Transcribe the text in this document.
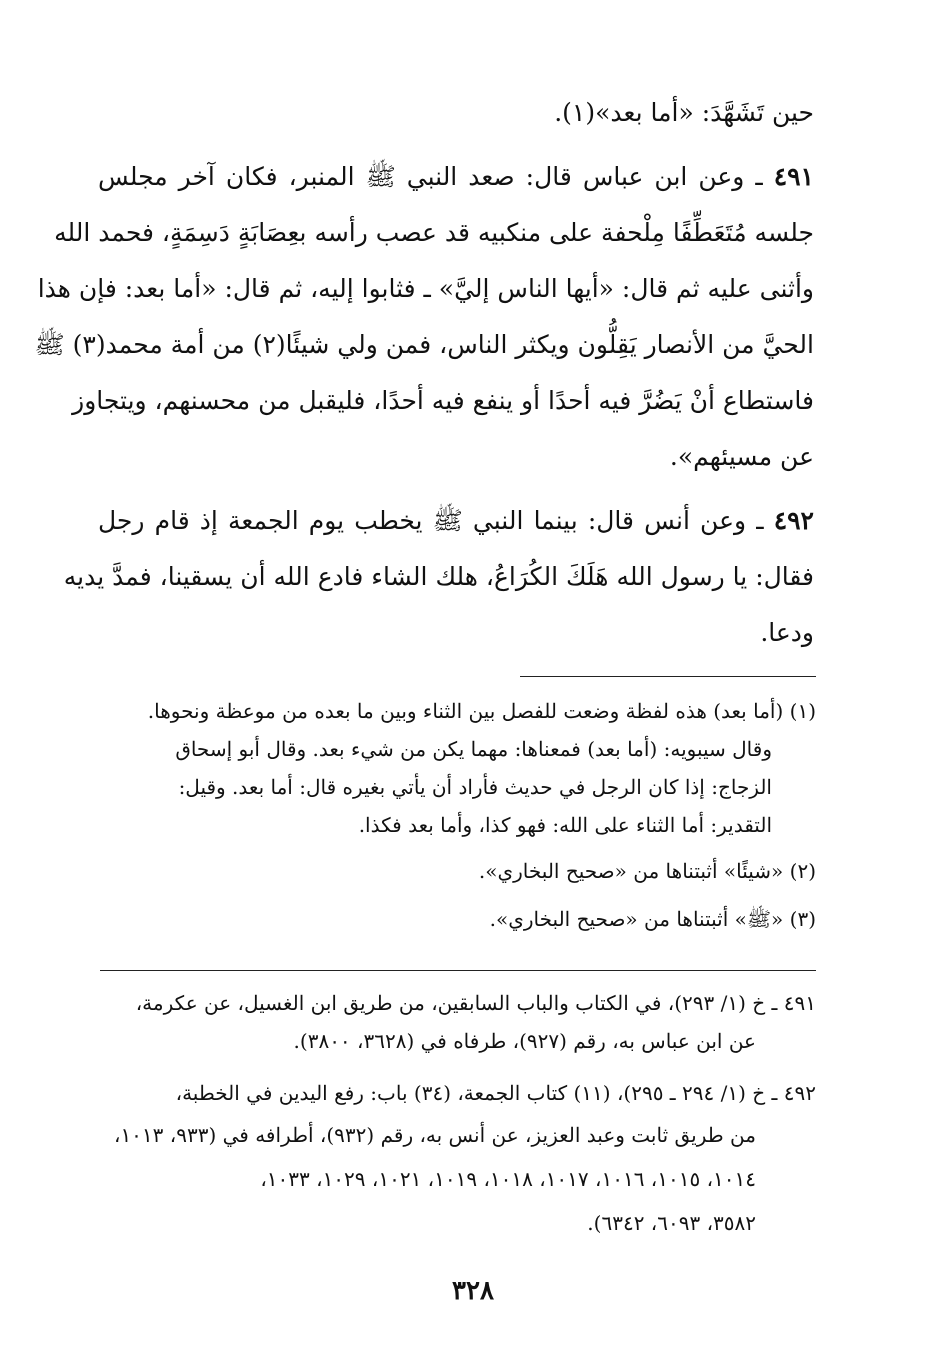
حين تَشَهَّدَ: «أما بعد»(١).
٤٩١ ـ وعن ابن عباس قال: صعد النبي ﷺ المنبر، فكان آخر مجلس
جلسه مُتَعَطِّفًا مِلْحفة على منكبيه قد عصب رأسه بعِصَابَةٍ دَسِمَةٍ، فحمد الله
وأثنى عليه ثم قال: «أيها الناس إليَّ» ـ فثابوا إليه، ثم قال: «أما بعد: فإن هذا
الحيَّ من الأنصار يَقِلُّون ويكثر الناس، فمن ولي شيئًا(٢) من أمة محمد(٣) ﷺ
فاستطاع أنْ يَضُرَّ فيه أحدًا أو ينفع فيه أحدًا، فليقبل من محسنهم، ويتجاوز
عن مسيئهم».
٤٩٢ ـ وعن أنس قال: بينما النبي ﷺ يخطب يوم الجمعة إذ قام رجل
فقال: يا رسول الله هَلَكَ الكُرَاعُ، هلك الشاء فادع الله أن يسقينا، فمدَّ يديه
ودعا.
(١) (أما بعد) هذه لفظة وضعت للفصل بين الثناء وبين ما بعده من موعظة ونحوها.
وقال سيبويه: (أما بعد) فمعناها: مهما يكن من شيء بعد. وقال أبو إسحاق
الزجاج: إذا كان الرجل في حديث فأراد أن يأتي بغيره قال: أما بعد. وقيل:
التقدير: أما الثناء على الله: فهو كذا، وأما بعد فكذا.
(٢) «شيئًا» أثبتناها من «صحيح البخاري».
(٣) «ﷺ» أثبتناها من «صحيح البخاري».
٤٩١ ـ خ (١/ ٢٩٣)، في الكتاب والباب السابقين، من طريق ابن الغسيل، عن عكرمة،
عن ابن عباس به، رقم (٩٢٧)، طرفاه في (٣٦٢٨، ٣٨٠٠).
٤٩٢ ـ خ (١/ ٢٩٤ ـ ٢٩٥)، (١١) كتاب الجمعة، (٣٤) باب: رفع اليدين في الخطبة،
من طريق ثابت وعبد العزيز، عن أنس به، رقم (٩٣٢)، أطرافه في (٩٣٣، ١٠١٣،
١٠١٤، ١٠١٥، ١٠١٦، ١٠١٧، ١٠١٨، ١٠١٩، ١٠٢١، ١٠٢٩، ١٠٣٣،
٣٥٨٢، ٦٠٩٣، ٦٣٤٢).
٣٢٨
